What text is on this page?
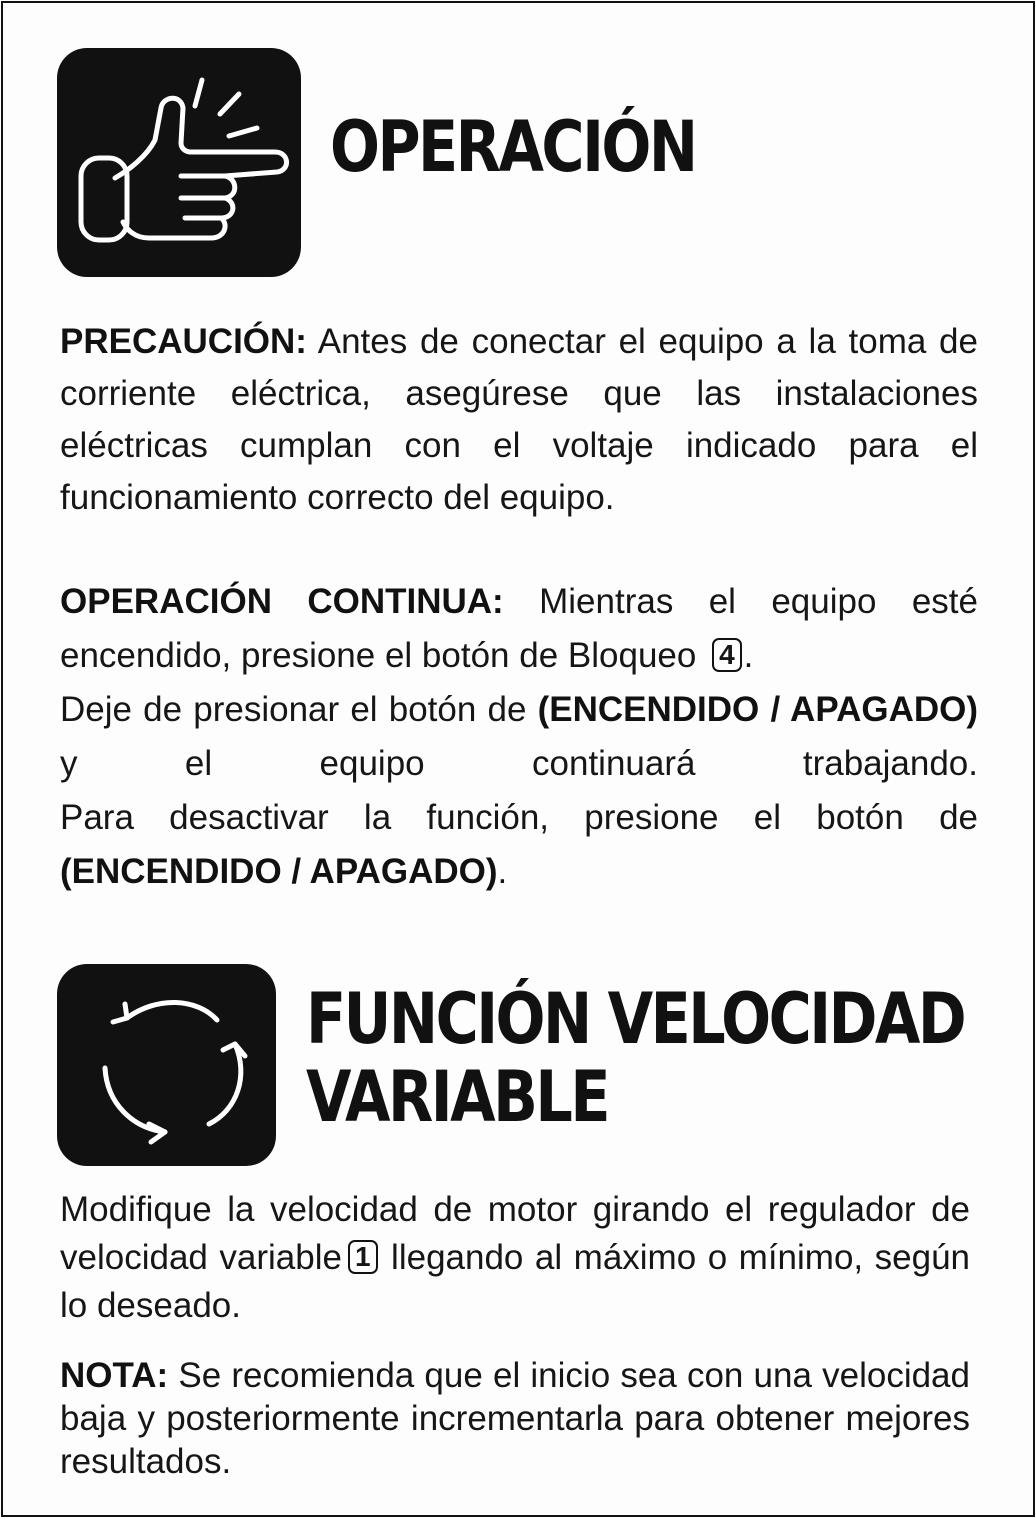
OPERACIÓN
PRECAUCIÓN: Antes de conectar el equipo a la toma de corriente eléctrica, asegúrese que las instalaciones eléctricas cumplan con el voltaje indicado para el funcionamiento correcto del equipo.
OPERACIÓN CONTINUA: Mientras el equipo esté encendido, presione el botón de Bloqueo 4 .
Deje de presionar el botón de (ENCENDIDO / APAGADO) y el equipo continuará trabajando.
Para desactivar la función, presione el botón de (ENCENDIDO / APAGADO).
FUNCIÓN VELOCIDAD
VARIABLE
Modifique la velocidad de motor girando el regulador de velocidad variable 1 llegando al máximo o mínimo, según lo deseado.
NOTA: Se recomienda que el inicio sea con una velocidad baja y posteriormente incrementarla para obtener mejores resultados.
